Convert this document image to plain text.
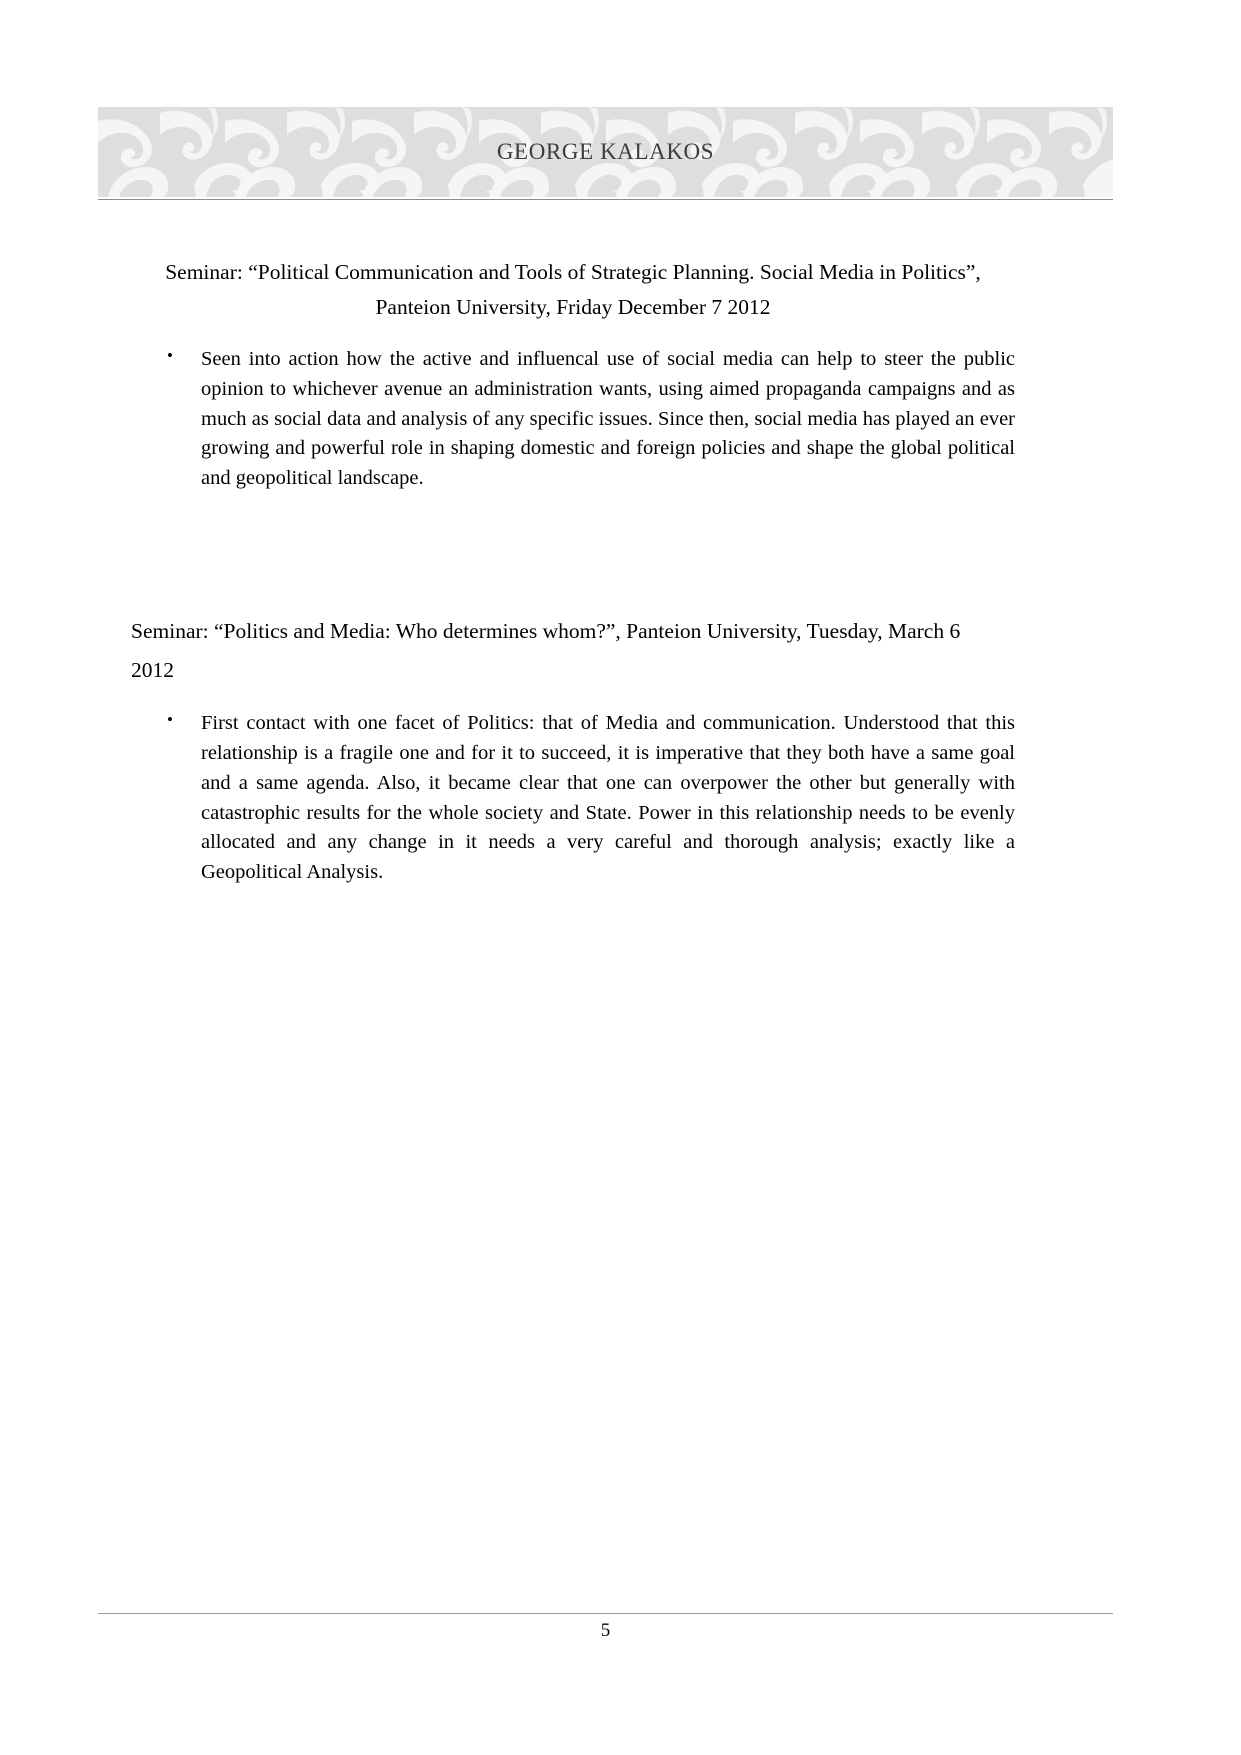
GEORGE KALAKOS
Seminar: “Political Communication and Tools of Strategic Planning. Social Media in Politics”,
Panteion University, Friday December 7 2012
• Seen into action how the active and influencal use of social media can help to steer the public opinion to whichever avenue an administration wants, using aimed propaganda campaigns and as much as social data and analysis of any specific issues. Since then, social media has played an ever growing and powerful role in shaping domestic and foreign policies and shape the global political and geopolitical landscape.
Seminar: “Politics and Media: Who determines whom?”, Panteion University, Tuesday, March 6
2012
• First contact with one facet of Politics: that of Media and communication. Understood that this relationship is a fragile one and for it to succeed, it is imperative that they both have a same goal and a same agenda. Also, it became clear that one can overpower the other but generally with catastrophic results for the whole society and State. Power in this relationship needs to be evenly allocated and any change in it needs a very careful and thorough analysis; exactly like a Geopolitical Analysis.
5
